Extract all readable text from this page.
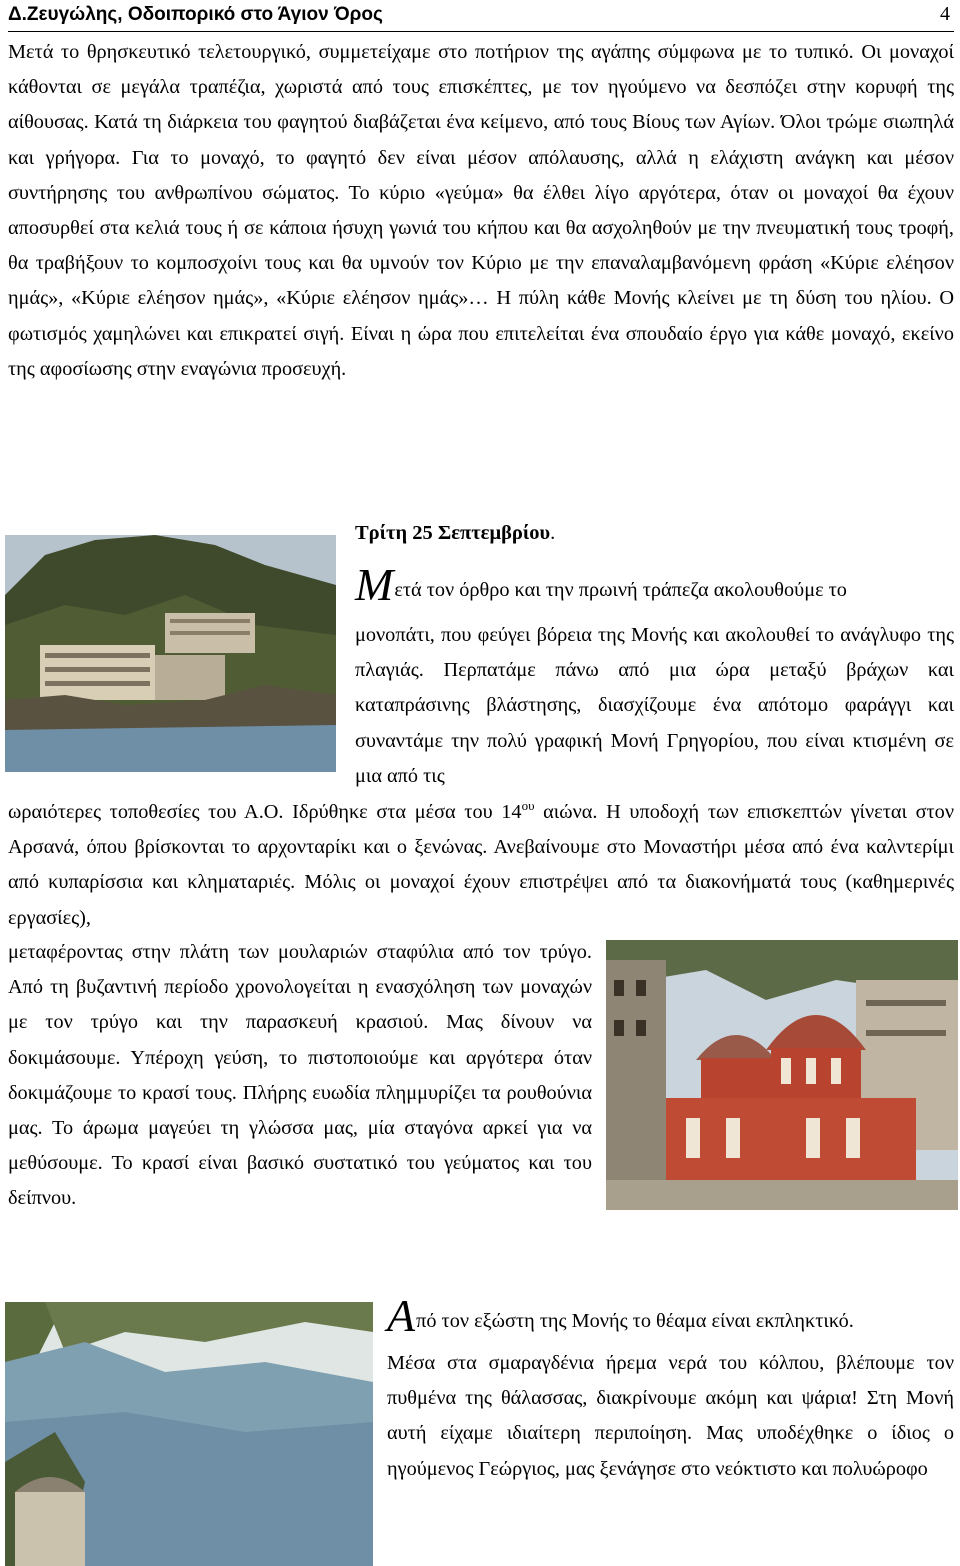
Δ.Ζευγώλης, Οδοιπορικό στο Άγιον Όρος	4
Μετά το θρησκευτικό τελετουργικό, συμμετείχαμε στο ποτήριον της αγάπης σύμφωνα με το τυπικό. Οι μοναχοί κάθονται σε μεγάλα τραπέζια, χωριστά από τους επισκέπτες, με τον ηγούμενο να δεσπόζει στην κορυφή της αίθουσας. Κατά τη διάρκεια του φαγητού διαβάζεται ένα κείμενο, από τους Βίους των Αγίων. Όλοι τρώμε σιωπηλά και γρήγορα. Για το μοναχό, το φαγητό δεν είναι μέσον απόλαυσης, αλλά η ελάχιστη ανάγκη και μέσον συντήρησης του ανθρωπίνου σώματος. Το κύριο «γεύμα» θα έλθει λίγο αργότερα, όταν οι μοναχοί θα έχουν αποσυρθεί στα κελιά τους ή σε κάποια ήσυχη γωνιά του κήπου και θα ασχοληθούν με την πνευματική τους τροφή, θα τραβήξουν το κομποσχοίνι τους και θα υμνούν τον Κύριο με την επαναλαμβανόμενη φράση «Κύριε ελέησον ημάς», «Κύριε ελέησον ημάς», «Κύριε ελέησον ημάς»… Η πύλη κάθε Μονής κλείνει με τη δύση του ηλίου. Ο φωτισμός χαμηλώνει και επικρατεί σιγή. Είναι η ώρα που επιτελείται ένα σπουδαίο έργο για κάθε μοναχό, εκείνο της αφοσίωσης στην εναγώνια προσευχή.
Τρίτη 25 Σεπτεμβρίου.
Μετά τον όρθρο και την πρωινή τράπεζα ακολουθούμε το
μονοπάτι, που φεύγει βόρεια της Μονής και ακολουθεί το ανάγλυφο της πλαγιάς. Περπατάμε πάνω από μια ώρα μεταξύ βράχων και καταπράσινης βλάστησης, διασχίζουμε ένα απότομο φαράγγι και συναντάμε την πολύ γραφική Μονή Γρηγορίου, που είναι κτισμένη σε μια από τις
ωραιότερες τοποθεσίες του Α.Ο. Ιδρύθηκε στα μέσα του $14^{o\upsilon}$ αιώνα. Η υποδοχή των επισκεπτών γίνεται στον Αρσανά, όπου βρίσκονται το αρχονταρίκι και ο ξενώνας. Ανεβαίνουμε στο Μοναστήρι μέσα από ένα καλντερίμι από κυπαρίσσια και κληματαριές. Μόλις οι μοναχοί έχουν επιστρέψει από τα διακονήματά τους (καθημερινές εργασίες),
μεταφέροντας στην πλάτη των μουλαριών σταφύλια από τον τρύγο. Από τη βυζαντινή περίοδο χρονολογείται η ενασχόληση των μοναχών με τον τρύγο και την παρασκευή κρασιού. Μας δίνουν να δοκιμάσουμε. Υπέροχη γεύση, το πιστοποιούμε και αργότερα όταν δοκιμάζουμε το κρασί τους. Πλήρης ευωδία πλημμυρίζει τα ρουθούνια μας. Το άρωμα μαγεύει τη γλώσσα μας, μία σταγόνα αρκεί για να μεθύσουμε. Το κρασί είναι βασικό συστατικό του γεύματος και του δείπνου.
Από τον εξώστη της Μονής το θέαμα είναι εκπληκτικό.
Μέσα στα σμαραγδένια ήρεμα νερά του κόλπου, βλέπουμε τον πυθμένα της θάλασσας, διακρίνουμε ακόμη και ψάρια! Στη Μονή αυτή είχαμε ιδιαίτερη περιποίηση. Μας υποδέχθηκε ο ίδιος ο ηγούμενος Γεώργιος, μας ξενάγησε στο νεόκτιστο και πολυώροφο
